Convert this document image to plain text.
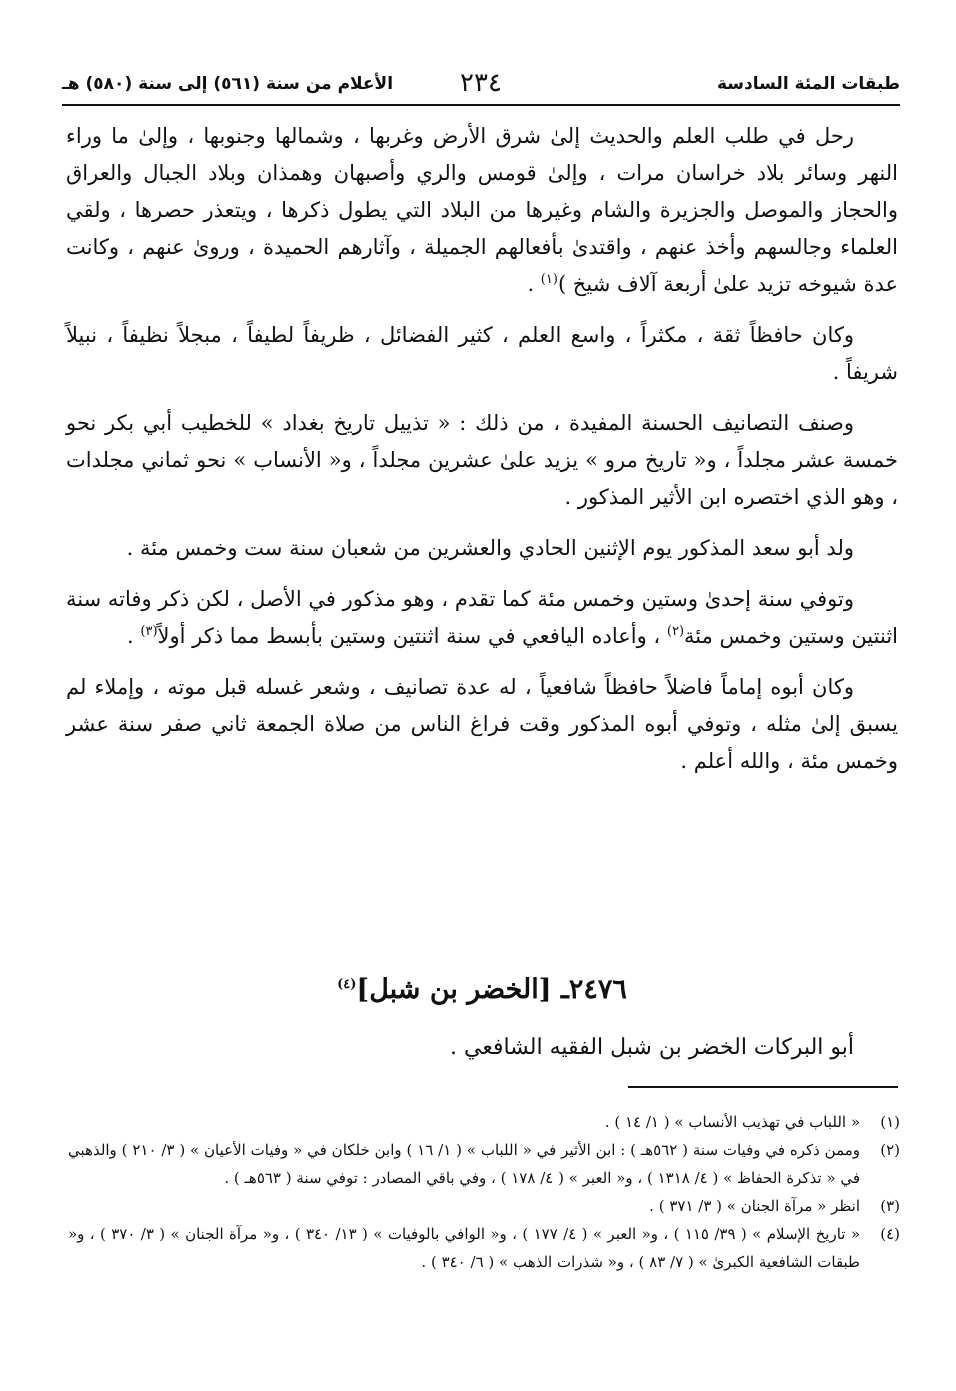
طبقات المئة السادسة
٢٣٤
الأعلام من سنة (٥٦١) إلى سنة (٥٨٠) هـ

رحل في طلب العلم والحديث إلىٰ شرق الأرض وغربها ، وشمالها وجنوبها ، وإلىٰ ما وراء النهر وسائر بلاد خراسان مرات ، وإلىٰ قومس والري وأصبهان وهمذان وبلاد الجبال والعراق والحجاز والموصل والجزيرة والشام وغيرها من البلاد التي يطول ذكرها ، ويتعذر حصرها ، ولقي العلماء وجالسهم وأخذ عنهم ، واقتدىٰ بأفعالهم الجميلة ، وآثارهم الحميدة ، وروىٰ عنهم ، وكانت عدة شيوخه تزيد علىٰ أربعة آلاف شيخ )$^{(١)}$ .

وكان حافظاً ثقة ، مكثراً ، واسع العلم ، كثير الفضائل ، ظريفاً لطيفاً ، مبجلاً نظيفاً ، نبيلاً شريفاً .

وصنف التصانيف الحسنة المفيدة ، من ذلك : « تذييل تاريخ بغداد » للخطيب أبي بكر نحو خمسة عشر مجلداً ، و« تاريخ مرو » يزيد علىٰ عشرين مجلداً ، و« الأنساب » نحو ثماني مجلدات ، وهو الذي اختصره ابن الأثير المذكور .

ولد أبو سعد المذكور يوم الإثنين الحادي والعشرين من شعبان سنة ست وخمس مئة .

وتوفي سنة إحدىٰ وستين وخمس مئة كما تقدم ، وهو مذكور في الأصل ، لكن ذكر وفاته سنة اثنتين وستين وخمس مئة$^{(٢)}$ ، وأعاده اليافعي في سنة اثنتين وستين بأبسط مما ذكر أولاً$^{(٣)}$ .

وكان أبوه إماماً فاضلاً حافظاً شافعياً ، له عدة تصانيف ، وشعر غسله قبل موته ، وإملاء لم يسبق إلىٰ مثله ، وتوفي أبوه المذكور وقت فراغ الناس من صلاة الجمعة ثاني صفر سنة عشر وخمس مئة ، والله أعلم .

٢٤٧٦ـ [الخضر بن شبل]$^{(٤)}$
أبو البركات الخضر بن شبل الفقيه الشافعي .
(١)
« اللباب في تهذيب الأنساب » ( ١/ ١٤ ) .
(٢)
وممن ذكره في وفيات سنة ( ٥٦٢هـ ) : ابن الأثير في « اللباب » ( ١/ ١٦ ) وابن خلكان في « وفيات الأعيان » ( ٣/ ٢١٠ ) والذهبي في « تذكرة الحفاظ » ( ٤/ ١٣١٨ ) ، و« العبر » ( ٤/ ١٧٨ ) ، وفي باقي المصادر : توفي سنة ( ٥٦٣هـ ) .
(٣)
انظر « مرآة الجنان » ( ٣/ ٣٧١ ) .
(٤)
« تاريخ الإسلام » ( ٣٩/ ١١٥ ) ، و« العبر » ( ٤/ ١٧٧ ) ، و« الوافي بالوفيات » ( ١٣/ ٣٤٠ ) ، و« مرآة الجنان » ( ٣/ ٣٧٠ ) ، و« طبقات الشافعية الكبرىٰ » ( ٧/ ٨٣ ) ، و« شذرات الذهب » ( ٦/ ٣٤٠ ) .
